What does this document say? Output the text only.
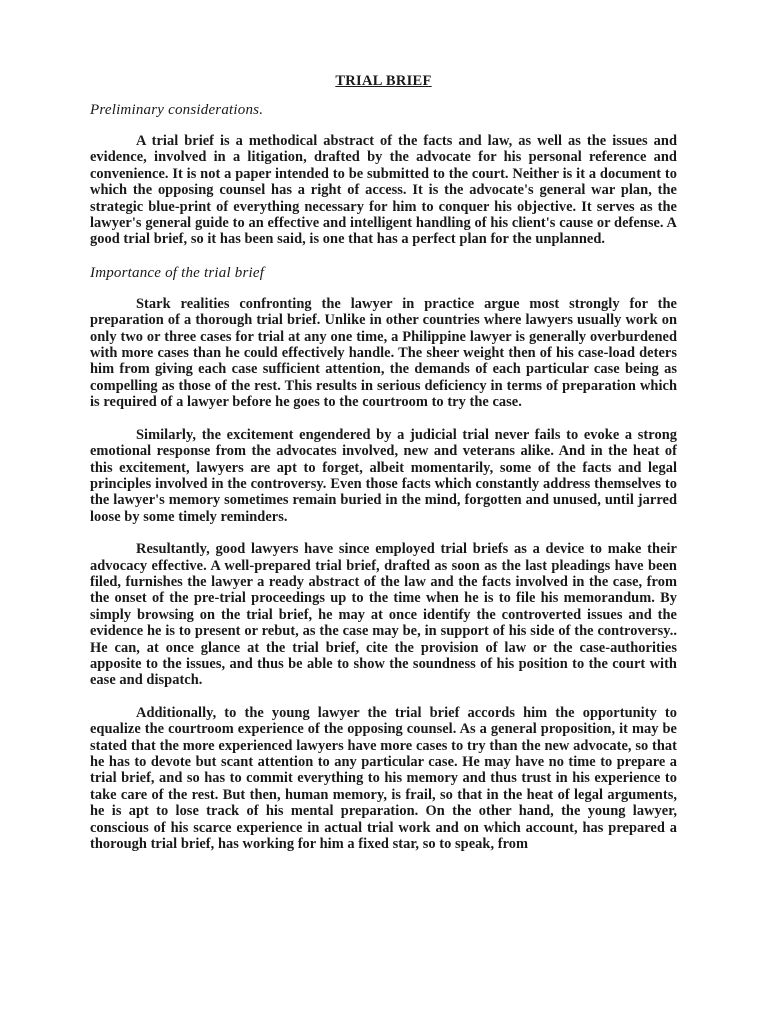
TRIAL BRIEF
Preliminary considerations.

A trial brief is a methodical abstract of the facts and law, as well as the issues and evidence, involved in a litigation, drafted by the advocate for his personal reference and convenience. It is not a paper intended to be submitted to the court. Neither is it a document to which the opposing counsel has a right of access. It is the advocate's general war plan, the strategic blue-print of everything necessary for him to conquer his objective. It serves as the lawyer's general guide to an effective and intelligent handling of his client's cause or defense. A good trial brief, so it has been said, is one that has a perfect plan for the unplanned.

Importance of the trial brief

Stark realities confronting the lawyer in practice argue most strongly for the preparation of a thorough trial brief. Unlike in other countries where lawyers usually work on only two or three cases for trial at any one time, a Philippine lawyer is generally overburdened with more cases than he could effectively handle. The sheer weight then of his case-load deters him from giving each case sufficient attention, the demands of each particular case being as compelling as those of the rest. This results in serious deficiency in terms of preparation which is required of a lawyer before he goes to the courtroom to try the case.

Similarly, the excitement engendered by a judicial trial never fails to evoke a strong emotional response from the advocates involved, new and veterans alike. And in the heat of this excitement, lawyers are apt to forget, albeit momentarily, some of the facts and legal principles involved in the controversy. Even those facts which constantly address themselves to the lawyer's memory sometimes remain buried in the mind, forgotten and unused, until jarred loose by some timely reminders.

Resultantly, good lawyers have since employed trial briefs as a device to make their advocacy effective. A well-prepared trial brief, drafted as soon as the last pleadings have been filed, furnishes the lawyer a ready abstract of the law and the facts involved in the case, from the onset of the pre-trial proceedings up to the time when he is to file his memorandum. By simply browsing on the trial brief, he may at once identify the controverted issues and the evidence he is to present or rebut, as the case may be, in support of his side of the controversy.. He can, at once glance at the trial brief, cite the provision of law or the case-authorities apposite to the issues, and thus be able to show the soundness of his position to the court with ease and dispatch.

Additionally, to the young lawyer the trial brief accords him the opportunity to equalize the courtroom experience of the opposing counsel. As a general proposition, it may be stated that the more experienced lawyers have more cases to try than the new advocate, so that he has to devote but scant attention to any particular case. He may have no time to prepare a trial brief, and so has to commit everything to his memory and thus trust in his experience to take care of the rest. But then, human memory, is frail, so that in the heat of legal arguments, he is apt to lose track of his mental preparation. On the other hand, the young lawyer, conscious of his scarce experience in actual trial work and on which account, has prepared a thorough trial brief, has working for him a fixed star, so to speak, from
